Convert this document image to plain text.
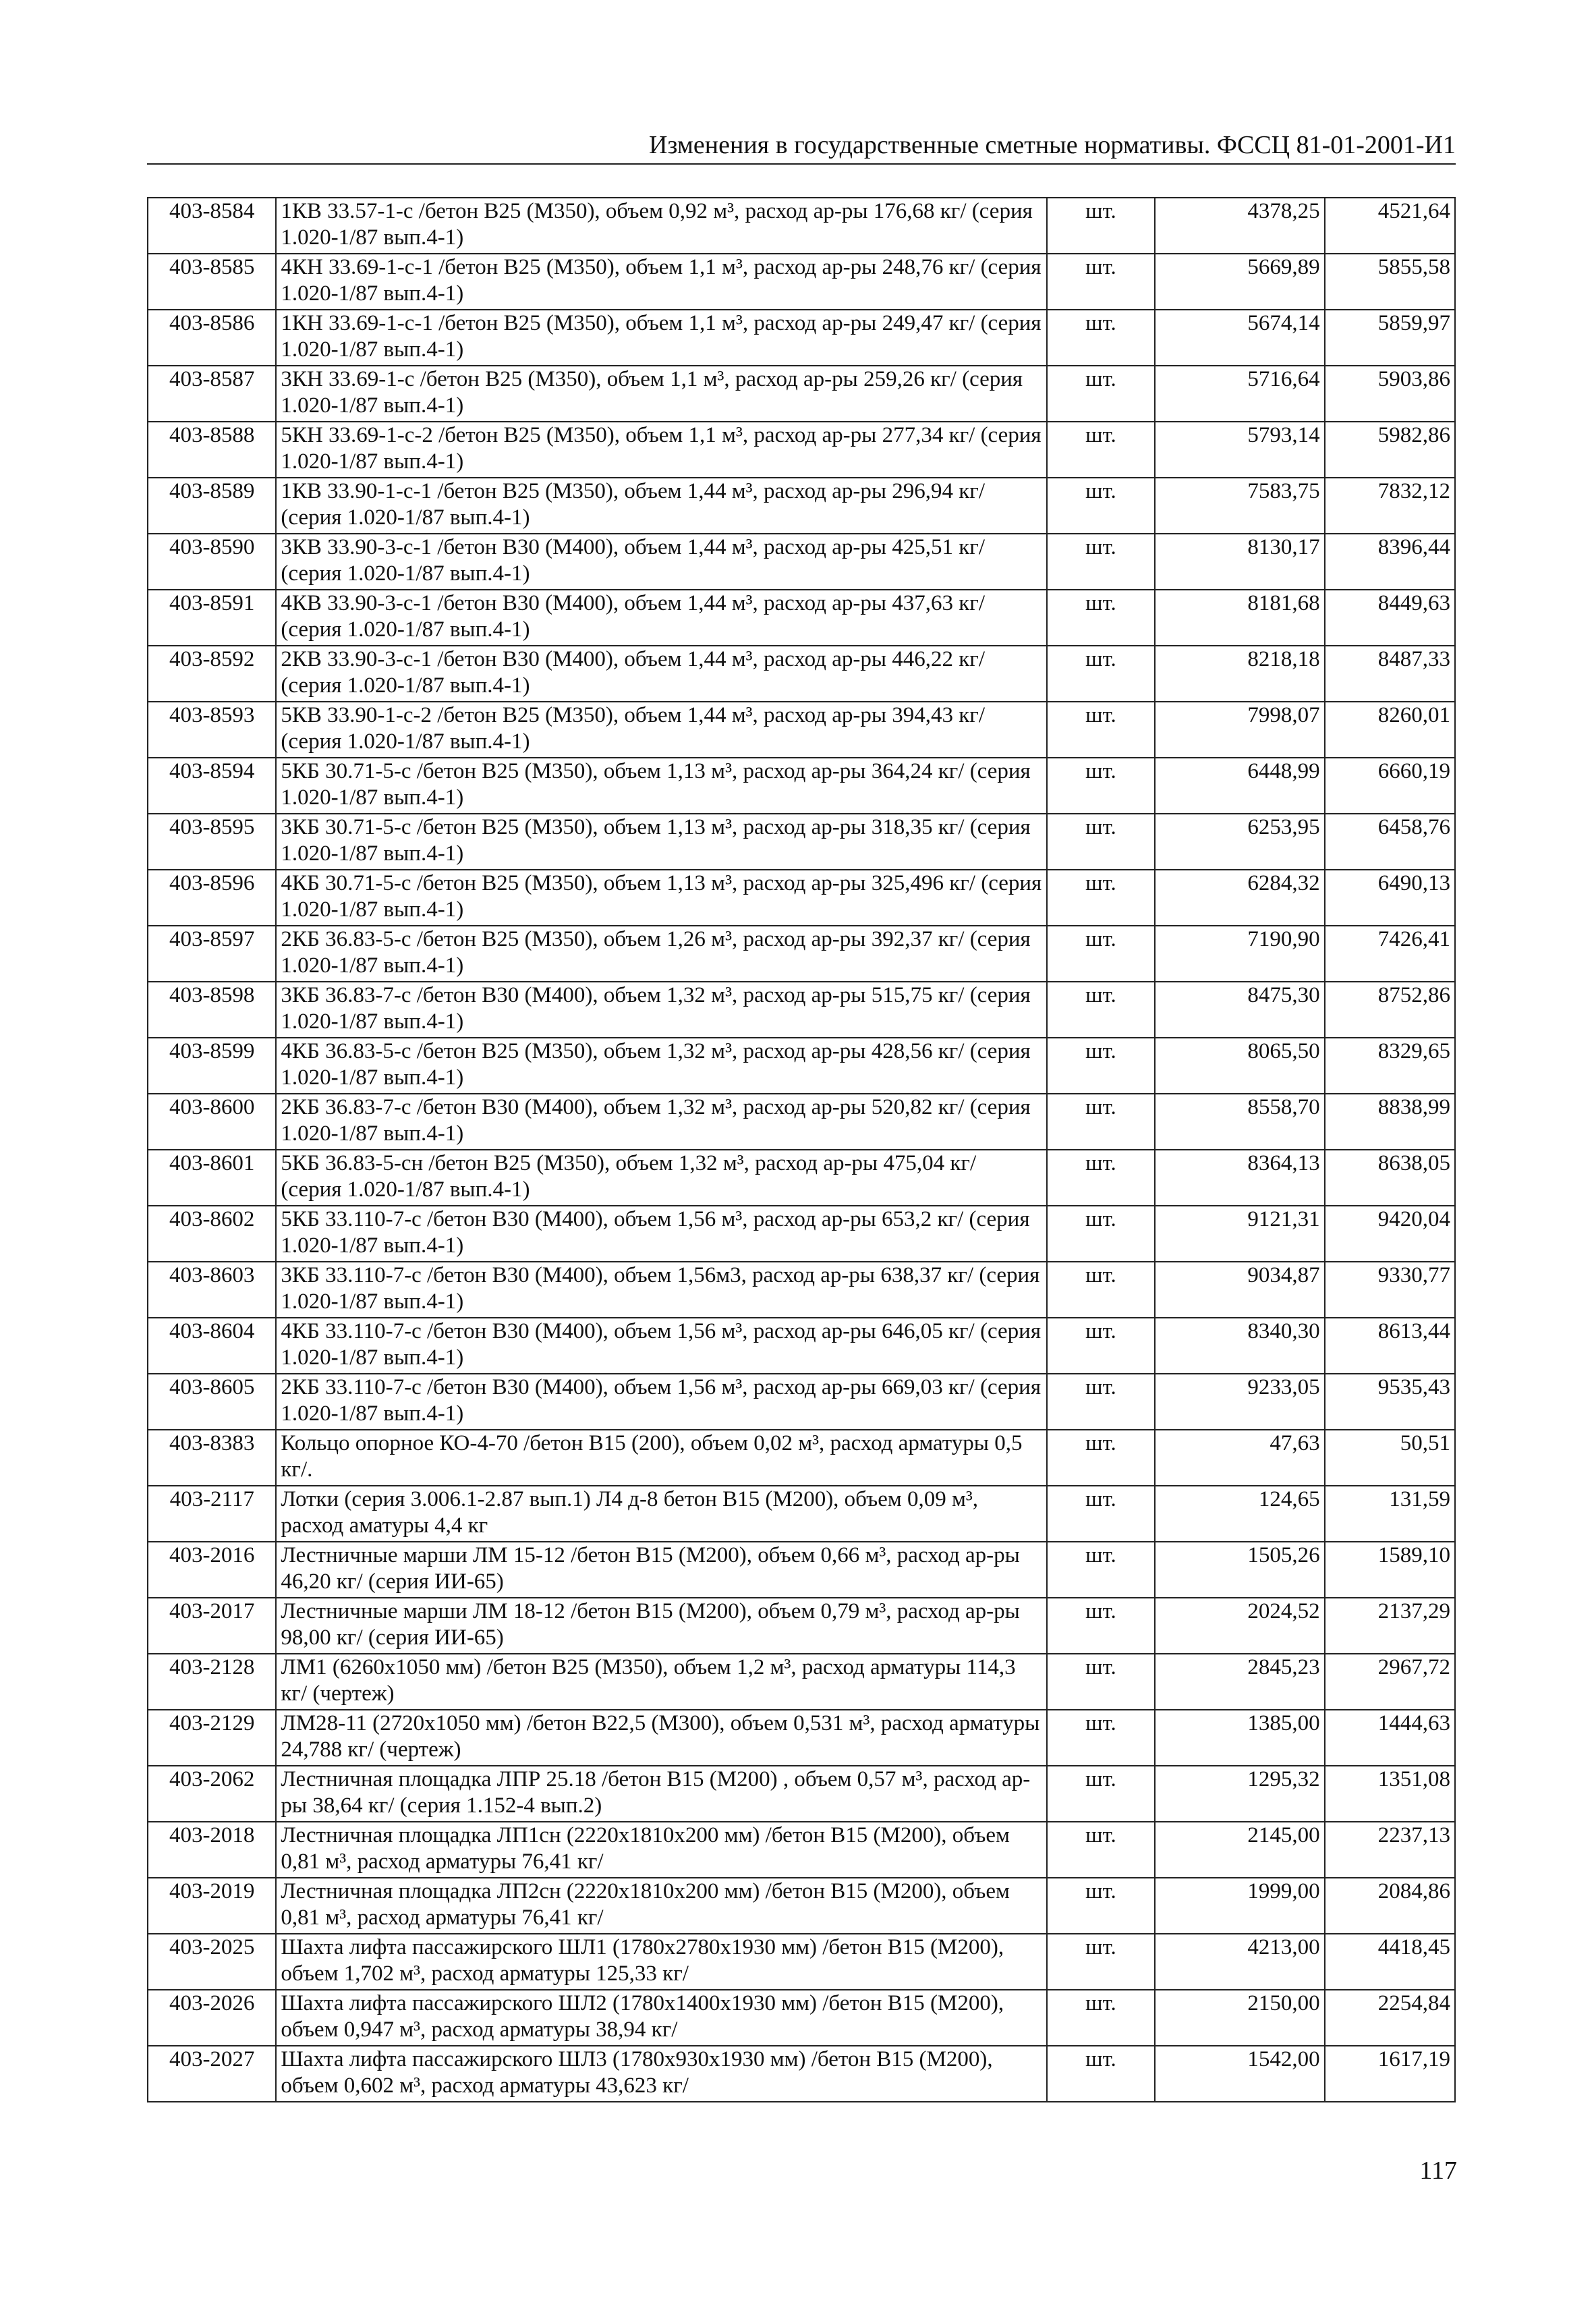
Изменения в государственные сметные нормативы. ФССЦ 81-01-2001-И1
403-8584	1КВ 33.57-1-с /бетон В25 (М350), объем 0,92 м³, расход ар-ры 176,68 кг/ (серия 1.020-1/87 вып.4-1)	шт.	4378,25	4521,64
403-8585	4КН 33.69-1-с-1 /бетон В25 (М350), объем 1,1 м³, расход ар-ры 248,76 кг/ (серия 1.020-1/87 вып.4-1)	шт.	5669,89	5855,58
403-8586	1КН 33.69-1-с-1 /бетон В25 (М350), объем 1,1 м³, расход ар-ры 249,47 кг/ (серия 1.020-1/87 вып.4-1)	шт.	5674,14	5859,97
403-8587	3КН 33.69-1-с /бетон В25 (М350), объем 1,1 м³, расход ар-ры 259,26 кг/ (серия 1.020-1/87 вып.4-1)	шт.	5716,64	5903,86
403-8588	5КН 33.69-1-с-2 /бетон В25 (М350), объем 1,1 м³, расход ар-ры 277,34 кг/ (серия 1.020-1/87 вып.4-1)	шт.	5793,14	5982,86
403-8589	1КВ 33.90-1-с-1 /бетон В25 (М350), объем 1,44 м³, расход ар-ры 296,94 кг/ (серия 1.020-1/87 вып.4-1)	шт.	7583,75	7832,12
403-8590	3КВ 33.90-3-с-1 /бетон В30 (М400), объем 1,44 м³, расход ар-ры 425,51 кг/ (серия 1.020-1/87 вып.4-1)	шт.	8130,17	8396,44
403-8591	4КВ 33.90-3-с-1 /бетон В30 (М400), объем 1,44 м³, расход ар-ры 437,63 кг/ (серия 1.020-1/87 вып.4-1)	шт.	8181,68	8449,63
403-8592	2КВ 33.90-3-с-1 /бетон В30 (М400), объем 1,44 м³, расход ар-ры 446,22 кг/ (серия 1.020-1/87 вып.4-1)	шт.	8218,18	8487,33
403-8593	5КВ 33.90-1-с-2 /бетон В25 (М350), объем 1,44 м³, расход ар-ры 394,43 кг/ (серия 1.020-1/87 вып.4-1)	шт.	7998,07	8260,01
403-8594	5КБ 30.71-5-с /бетон В25 (М350), объем 1,13 м³, расход ар-ры 364,24 кг/ (серия 1.020-1/87 вып.4-1)	шт.	6448,99	6660,19
403-8595	3КБ 30.71-5-с /бетон В25 (М350), объем 1,13 м³, расход ар-ры 318,35 кг/ (серия 1.020-1/87 вып.4-1)	шт.	6253,95	6458,76
403-8596	4КБ 30.71-5-с /бетон В25 (М350), объем 1,13 м³, расход ар-ры 325,496 кг/ (серия 1.020-1/87 вып.4-1)	шт.	6284,32	6490,13
403-8597	2КБ 36.83-5-с /бетон В25 (М350), объем 1,26 м³, расход ар-ры 392,37 кг/ (серия 1.020-1/87 вып.4-1)	шт.	7190,90	7426,41
403-8598	3КБ 36.83-7-с /бетон В30 (М400), объем 1,32 м³, расход ар-ры 515,75 кг/ (серия 1.020-1/87 вып.4-1)	шт.	8475,30	8752,86
403-8599	4КБ 36.83-5-с /бетон В25 (М350), объем 1,32 м³, расход ар-ры 428,56 кг/ (серия 1.020-1/87 вып.4-1)	шт.	8065,50	8329,65
403-8600	2КБ 36.83-7-с /бетон В30 (М400), объем 1,32 м³, расход ар-ры 520,82 кг/ (серия 1.020-1/87 вып.4-1)	шт.	8558,70	8838,99
403-8601	5КБ 36.83-5-сн /бетон В25 (М350), объем 1,32 м³, расход ар-ры 475,04 кг/ (серия 1.020-1/87 вып.4-1)	шт.	8364,13	8638,05
403-8602	5КБ 33.110-7-с /бетон В30 (М400), объем 1,56 м³, расход ар-ры 653,2 кг/ (серия 1.020-1/87 вып.4-1)	шт.	9121,31	9420,04
403-8603	3КБ 33.110-7-с /бетон В30 (М400), объем 1,56м3, расход ар-ры 638,37 кг/ (серия 1.020-1/87 вып.4-1)	шт.	9034,87	9330,77
403-8604	4КБ 33.110-7-с /бетон В30 (М400), объем 1,56 м³, расход ар-ры 646,05 кг/ (серия 1.020-1/87 вып.4-1)	шт.	8340,30	8613,44
403-8605	2КБ 33.110-7-с /бетон В30 (М400), объем 1,56 м³, расход ар-ры 669,03 кг/ (серия 1.020-1/87 вып.4-1)	шт.	9233,05	9535,43
403-8383	Кольцо опорное КО-4-70 /бетон В15 (200), объем 0,02 м³, расход арматуры 0,5 кг/.	шт.	47,63	50,51
403-2117	Лотки (серия 3.006.1-2.87 вып.1) Л4 д-8 бетон В15 (М200), объем 0,09 м³, расход аматуры 4,4 кг	шт.	124,65	131,59
403-2016	Лестничные марши ЛМ 15-12 /бетон В15 (М200), объем 0,66 м³, расход ар-ры 46,20 кг/ (серия ИИ-65)	шт.	1505,26	1589,10
403-2017	Лестничные марши ЛМ 18-12 /бетон В15 (М200), объем 0,79 м³, расход ар-ры 98,00 кг/ (серия ИИ-65)	шт.	2024,52	2137,29
403-2128	ЛМ1 (6260x1050 мм) /бетон В25 (М350), объем 1,2 м³, расход арматуры 114,3 кг/ (чертеж)	шт.	2845,23	2967,72
403-2129	ЛМ28-11 (2720x1050 мм) /бетон В22,5 (М300), объем 0,531 м³, расход арматуры 24,788 кг/ (чертеж)	шт.	1385,00	1444,63
403-2062	Лестничная площадка ЛПР 25.18 /бетон В15 (М200) , объем 0,57 м³, расход ар-ры 38,64 кг/ (серия 1.152-4 вып.2)	шт.	1295,32	1351,08
403-2018	Лестничная площадка ЛП1сн (2220x1810x200 мм) /бетон В15 (М200), объем 0,81 м³, расход арматуры 76,41 кг/	шт.	2145,00	2237,13
403-2019	Лестничная площадка ЛП2сн (2220x1810x200 мм) /бетон В15 (М200), объем 0,81 м³, расход арматуры 76,41 кг/	шт.	1999,00	2084,86
403-2025	Шахта лифта пассажирского ШЛ1 (1780x2780x1930 мм) /бетон В15 (М200), объем 1,702 м³, расход арматуры 125,33 кг/	шт.	4213,00	4418,45
403-2026	Шахта лифта пассажирского ШЛ2 (1780x1400x1930 мм) /бетон В15 (М200), объем 0,947 м³, расход арматуры 38,94 кг/	шт.	2150,00	2254,84
403-2027	Шахта лифта пассажирского ШЛ3 (1780x930x1930 мм) /бетон В15 (М200), объем 0,602 м³, расход арматуры 43,623 кг/	шт.	1542,00	1617,19
117
